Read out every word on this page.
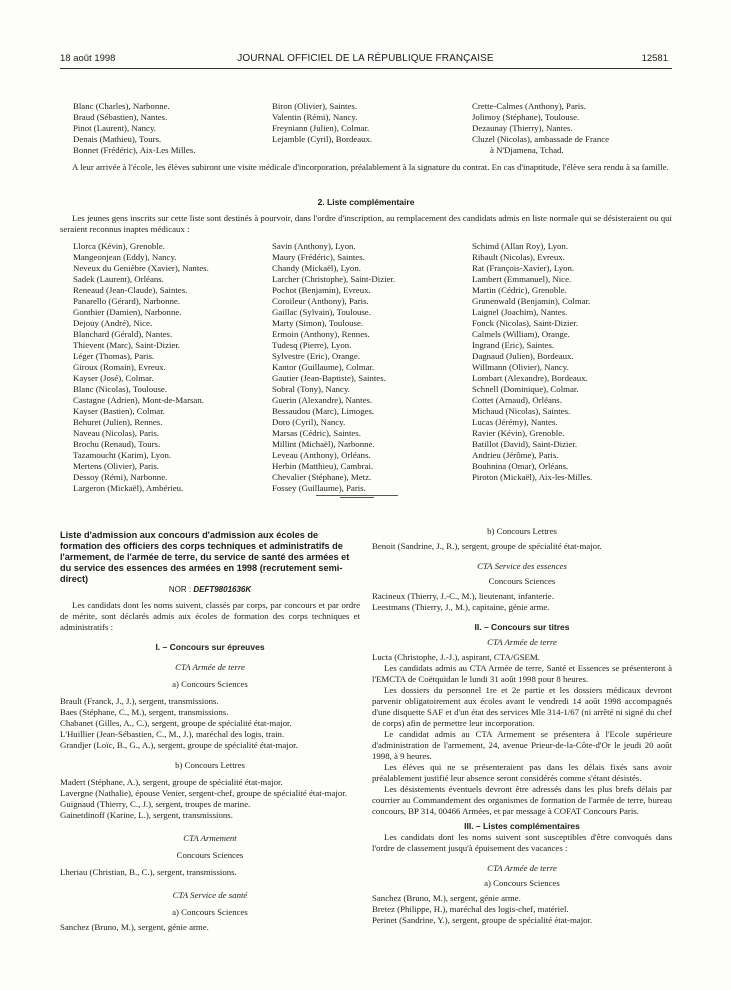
18 août 1998	JOURNAL OFFICIEL DE LA RÉPUBLIQUE FRANÇAISE	12581
Blanc (Charles), Narbonne.
Braud (Sébastien), Nantes.
Pinot (Laurent), Nancy.
Denais (Mathieu), Tours.
Bonnet (Frédéric), Aix-Les Milles.
Biron (Olivier), Saintes.
Valentin (Rémi), Nancy.
Freyniann (Julien), Colmar.
Lejamble (Cyril), Bordeaux.
Crette-Calmes (Anthony), Paris.
Jolimoy (Stéphane), Toulouse.
Dezaunay (Thierry), Nantes.
Cluzel (Nicolas), ambassade de France
à N'Djamena, Tchad.
A leur arrivée à l'école, les élèves subiront une visite médicale d'incorporation, préalablement à la signature du contrat. En cas d'inaptitude, l'élève sera rendu à sa famille.
2. Liste complémentaire
Les jeunes gens inscrits sur cette liste sont destinés à pourvoir, dans l'ordre d'inscription, au remplacement des candidats admis en liste normale qui se désisteraient ou qui seraient reconnus inaptes médicaux :
Llorca (Kévin), Grenoble.
Mangeonjean (Eddy), Nancy.
Neveux du Genièbre (Xavier), Nantes.
Sadek (Laurent), Orléans.
Reneaud (Jean-Claude), Saintes.
Panarello (Gérard), Narbonne.
Gonthier (Damien), Narbonne.
Dejouy (André), Nice.
Blanchard (Gérald), Nantes.
Thievent (Marc), Saint-Dizier.
Léger (Thomas), Paris.
Giroux (Romain), Evreux.
Kayser (José), Colmar.
Blanc (Nicolas), Toulouse.
Castagne (Adrien), Mont-de-Marsan.
Kayser (Bastien), Colmar.
Behuret (Julien), Rennes.
Naveau (Nicolas), Paris.
Brochu (Renaud), Tours.
Tazamoucht (Karim), Lyon.
Mertens (Olivier), Paris.
Dessoy (Rémi), Narbonne.
Largeron (Mickaël), Ambérieu.
Savin (Anthony), Lyon.
Maury (Frédéric), Saintes.
Chandy (Mickaël), Lyon.
Larcher (Christophe), Saint-Dizier.
Pochot (Benjamin), Evreux.
Coroileur (Anthony), Paris.
Gaillac (Sylvain), Toulouse.
Marty (Simon), Toulouse.
Ermoin (Anthony), Rennes.
Tudesq (Pierre), Lyon.
Sylvestre (Eric), Orange.
Kantor (Guillaume), Colmar.
Gautier (Jean-Baptiste), Saintes.
Sobral (Tony), Nancy.
Guerin (Alexandre), Nantes.
Bessaudou (Marc), Limoges.
Doro (Cyril), Nancy.
Marsas (Cédric), Saintes.
Millint (Michaël), Narbonne.
Leveau (Anthony), Orléans.
Herbin (Matthieu), Cambrai.
Chevalier (Stéphane), Metz.
Fossey (Guillaume), Paris.
Schimd (Allan Roy), Lyon.
Ribault (Nicolas), Evreux.
Rat (François-Xavier), Lyon.
Lambert (Emmanuel), Nice.
Martin (Cédric), Grenoble.
Grunenwald (Benjamin), Colmar.
Laignel (Joachim), Nantes.
Fonck (Nicolas), Saint-Dizier.
Calmels (William), Orange.
Ingrand (Eric), Saintes.
Dagnaud (Julien), Bordeaux.
Willmann (Olivier), Nancy.
Lombart (Alexandre), Bordeaux.
Schnell (Dominique), Colmar.
Cottet (Arnaud), Orléans.
Michaud (Nicolas), Saintes.
Lucas (Jérémy), Nantes.
Ravier (Kévin), Grenoble.
Batillot (David), Saint-Dizier.
Andrieu (Jérôme), Paris.
Bouhnina (Omar), Orléans.
Piroton (Mickaël), Aix-les-Milles.
Liste d'admission aux concours d'admission aux écoles de formation des officiers des corps techniques et administratifs de l'armement, de l'armée de terre, du service de santé des armées et du service des essences des armées en 1998 (recrutement semi-direct)
NOR : DEFT9801636K

Les candidats dont les noms suivent, classés par corps, par concours et par ordre de mérite, sont déclarés admis aux écoles de formation des corps techniques et administratifs :

I. – Concours sur épreuves
CTA Armée de terre
a) Concours Sciences
Brault (Franck, J., J.), sergent, transmissions.
Baes (Stéphane, C., M.), sergent, transmissions.
Chabanet (Gilles, A., C.), sergent, groupe de spécialité état-major.
L'Huillier (Jean-Sébastien, C., M., J.), maréchal des logis, train.
Grandjer (Loïc, B., G., A.), sergent, groupe de spécialité état-major.
b) Concours Lettres
Madert (Stéphane, A.), sergent, groupe de spécialité état-major.
Lavergne (Nathalie), épouse Venier, sergent-chef, groupe de spécialité état-major.
Guignaud (Thierry, C., J.), sergent, troupes de marine.
Gainetdinoff (Karine, L.), sergent, transmissions.
CTA Armement
Concours Sciences
Lheriau (Christian, B., C.), sergent, transmissions.
CTA Service de santé
a) Concours Sciences
Sanchez (Bruno, M.), sergent, génie arme.
b) Concours Lettres
Benoit (Sandrine, J., R.), sergent, groupe de spécialité état-major.
CTA Service des essences
Concours Sciences
Racineux (Thierry, J.-C., M.), lieutenant, infanterie.
Leestmans (Thierry, J., M.), capitaine, génie arme.
II. – Concours sur titres
CTA Armée de terre
Lucta (Christophe, J.-J.), aspirant, CTA/GSEM.

Les candidats admis au CTA Armée de terre, Santé et Essences se présenteront à l'EMCTA de Coëtquidan le lundi 31 août 1998 pour 8 heures.

Les dossiers du personnel 1re et 2e partie et les dossiers médicaux devront parvenir obligatoirement aux écoles avant le vendredi 14 août 1998 accompagnés d'une disquette SAF et d'un état des services Mle 314-1/67 (ni arrêté ni signé du chef de corps) afin de permettre leur incorporation.

Le candidat admis au CTA Armement se présentera à l'Ecole supérieure d'administration de l'armement, 24, avenue Prieur-de-la-Côte-d'Or le jeudi 20 août 1998, à 9 heures.

Les élèves qui ne se présenteraient pas dans les délais fixés sans avoir préalablement justifié leur absence seront considérés comme s'étant désistés.

Les désistements éventuels devront être adressés dans les plus brefs délais par courrier au Commandement des organismes de formation de l'armée de terre, bureau concours, BP 314, 00466 Armées, et par message à COFAT Concours Paris.

III. – Listes complémentaires

Les candidats dont les noms suivent sont susceptibles d'être convoqués dans l'ordre de classement jusqu'à épuisement des vacances :

CTA Armée de terre
a) Concours Sciences
Sanchez (Bruno, M.), sergent, génie arme.
Bretez (Philippe, H.), maréchal des logis-chef, matériel.
Perinet (Sandrine, Y.), sergent, groupe de spécialité état-major.
